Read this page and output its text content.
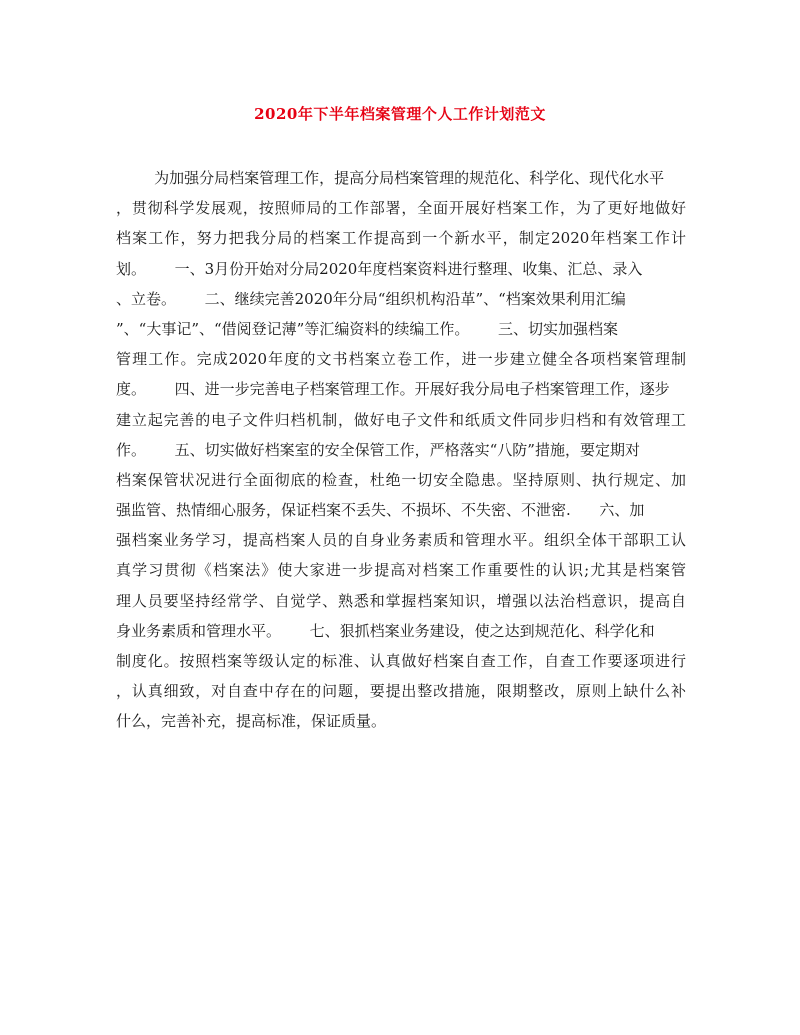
2020年下半年档案管理个人工作计划范文
为加强分局档案管理工作，提高分局档案管理的规范化、科学化、现代化水平
，贯彻科学发展观，按照师局的工作部署，全面开展好档案工作，为了更好地做好
档案工作，努力把我分局的档案工作提高到一个新水平，制定2020年档案工作计
划。      一、3月份开始对分局2020年度档案资料进行整理、收集、汇总、录入
、立卷。      二、继续完善2020年分局“组织机构沿革”、“档案效果利用汇编
”、“大事记”、“借阅登记薄”等汇编资料的续编工作。      三、切实加强档案
管理工作。完成2020年度的文书档案立卷工作，进一步建立健全各项档案管理制
度。      四、进一步完善电子档案管理工作。开展好我分局电子档案管理工作，逐步
建立起完善的电子文件归档机制，做好电子文件和纸质文件同步归档和有效管理工
作。      五、切实做好档案室的安全保管工作，严格落实“八防”措施，要定期对
档案保管状况进行全面彻底的检查，杜绝一切安全隐患。坚持原则、执行规定、加
强监管、热情细心服务，保证档案不丢失、不损坏、不失密、不泄密.      六、加
强档案业务学习，提高档案人员的自身业务素质和管理水平。组织全体干部职工认
真学习贯彻《档案法》使大家进一步提高对档案工作重要性的认识;尤其是档案管
理人员要坚持经常学、自觉学、熟悉和掌握档案知识，增强以法治档意识，提高自
身业务素质和管理水平。      七、狠抓档案业务建设，使之达到规范化、科学化和
制度化。按照档案等级认定的标准、认真做好档案自查工作，自查工作要逐项进行
，认真细致，对自查中存在的问题，要提出整改措施，限期整改，原则上缺什么补
什么，完善补充，提高标准，保证质量。
